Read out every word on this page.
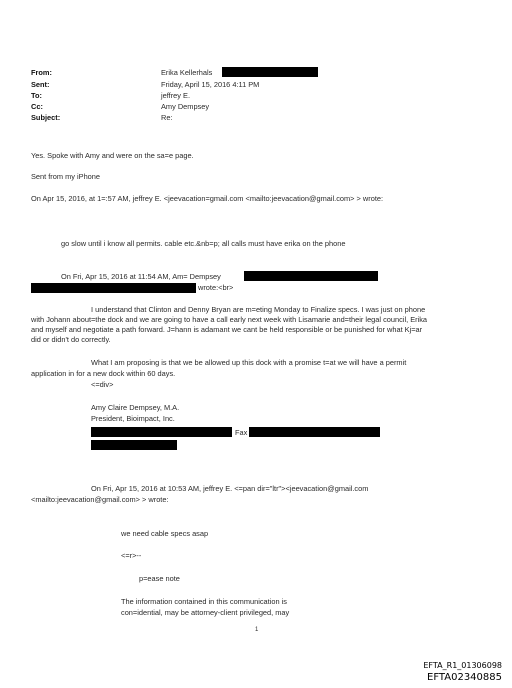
From:
Sent:
To:
Cc:
Subject:
Erika Kellerhals
Friday, April 15, 2016 4:11 PM
jeffrey E.
Amy Dempsey
Re:
Yes. Spoke with Amy and were on the sa=e page.
Sent from my iPhone
On Apr 15, 2016, at 1=:57 AM, jeffrey E. <jeevacation=gmail.com <mailto:jeevacation@gmail.com> > wrote:
go slow until i know all permits. cable etc.&nb=p; all calls must have erika on the phone
On Fri, Apr 15, 2016 at 11:54 AM, Am= Dempsey
wrote:<br>
I understand that Clinton and Denny Bryan are m=eting Monday to Finalize specs. I was just on phone
with Johann about=the dock and we are going to have a call early next week with Lisamarie and=their legal council, Erika
and myself and negotiate a path forward. J=hann is adamant we cant be held responsible or be punished for what Kj=ar
did or didn't do correctly.
What I am proposing is that we be allowed up this dock with a promise t=at we will have a permit
application in for a new dock within 60 days.
<=div>
Amy Claire Dempsey, M.A.
President, Bioimpact, Inc.
Fax
On Fri, Apr 15, 2016 at 10:53 AM, jeffrey E. <=pan dir="ltr"><jeevacation@gmail.com
<mailto:jeevacation@gmail.com> > wrote:
we need cable specs asap
<=r>--
p=ease note
The information contained in this communication is
con=idential, may be attorney-client privileged, may
1
EFTA_R1_01306098
EFTA02340885
